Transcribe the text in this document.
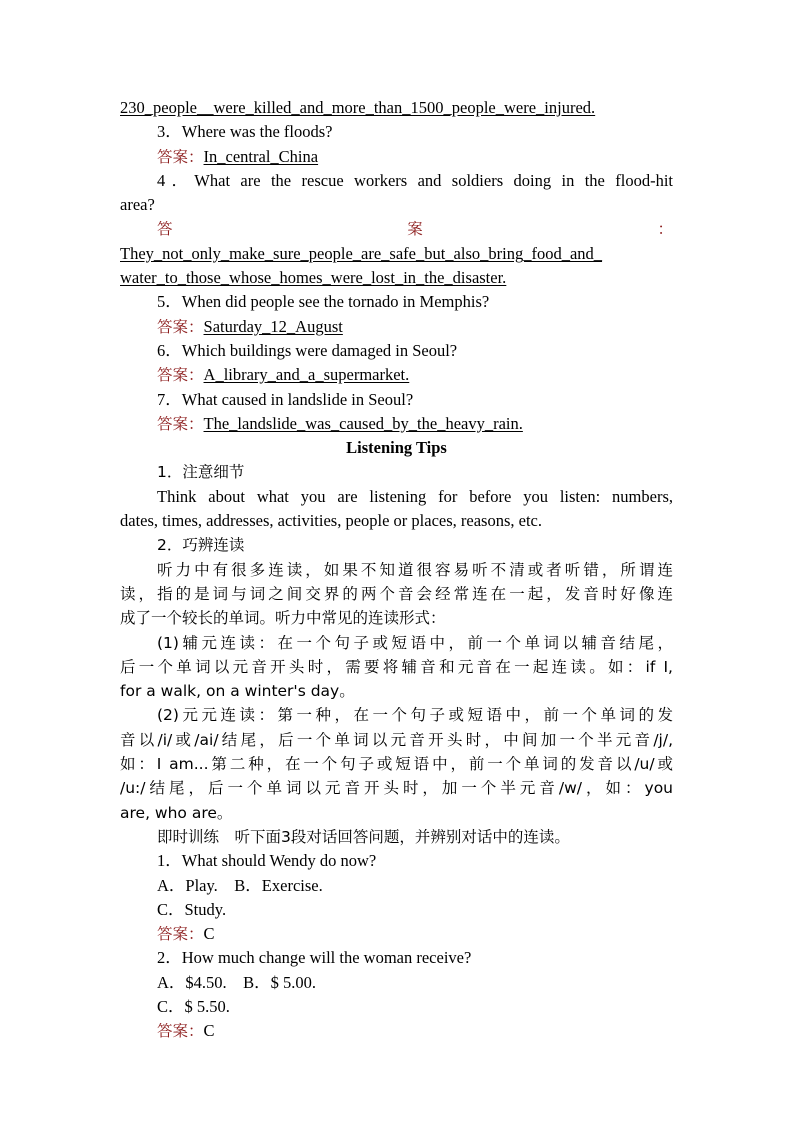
230_people__were_killed_and_more_than_1500_people_were_injured.
3．Where was the floods?
答案：In_central_China
4．What are the rescue workers and soldiers doing in the flood-hit
area?
答	案	：
They_not_only_make_sure_people_are_safe_but_also_bring_food_and_
water_to_those_whose_homes_were_lost_in_the_disaster.
5．When did people see the tornado in Memphis?
答案：Saturday_12_August
6．Which buildings were damaged in Seoul?
答案：A_library_and_a_supermarket.
7．What caused in landslide in Seoul?
答案：The_landslide_was_caused_by_the_heavy_rain.
Listening Tips
1．注意细节
Think about what you are listening for before you listen: numbers,
dates, times, addresses, activities, people or places, reasons, etc.
2．巧辨连读
听力中有很多连读，如果不知道很容易听不清或者听错，所谓连
读，指的是词与词之间交界的两个音会经常连在一起，发音时好像连
成了一个较长的单词。听力中常见的连读形式：
(1)辅元连读：在一个句子或短语中，前一个单词以辅音结尾，
后一个单词以元音开头时，需要将辅音和元音在一起连读。如：if I,
for a walk, on a winter's day。
(2)元元连读：第一种，在一个句子或短语中，前一个单词的发
音以/i/或/ai/结尾，后一个单词以元音开头时，中间加一个半元音/j/,
如：I am...第二种，在一个句子或短语中，前一个单词的发音以/u/或
/u:/结尾，后一个单词以元音开头时，加一个半元音/w/，如：you
are, who are。
即时训练　听下面3段对话回答问题，并辨别对话中的连读。
1．What should Wendy do now?
A．Play.　B．Exercise.
C．Study.
答案：C
2．How much change will the woman receive?
A．$4.50.　B．$ 5.00.
C．$ 5.50.
答案：C
